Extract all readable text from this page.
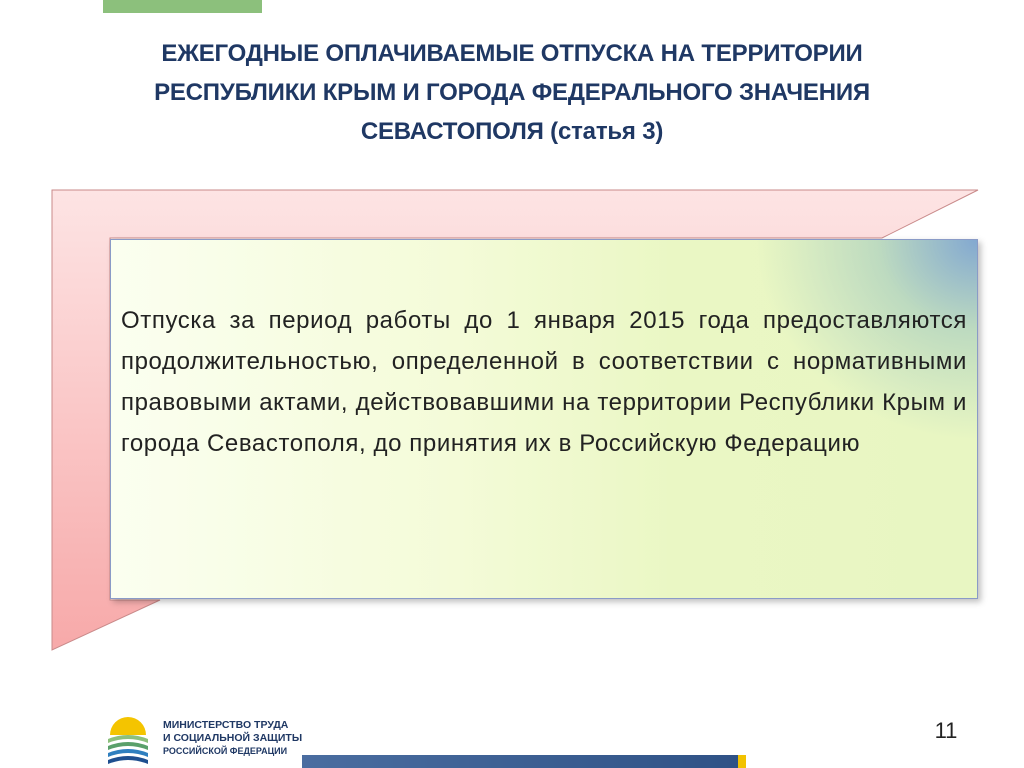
ЕЖЕГОДНЫЕ ОПЛАЧИВАЕМЫЕ ОТПУСКА НА ТЕРРИТОРИИ
РЕСПУБЛИКИ КРЫМ И ГОРОДА ФЕДЕРАЛЬНОГО ЗНАЧЕНИЯ
СЕВАСТОПОЛЯ (статья 3)
Отпуска за период работы до 1 января 2015 года предоставляются продолжительностью, определенной в соответствии с нормативными правовыми актами, действовавшими на территории Республики Крым и города Севастополя, до принятия их в Российскую Федерацию
МИНИСТЕРСТВО ТРУДА
И СОЦИАЛЬНОЙ ЗАЩИТЫ
РОССИЙСКОЙ ФЕДЕРАЦИИ
11
